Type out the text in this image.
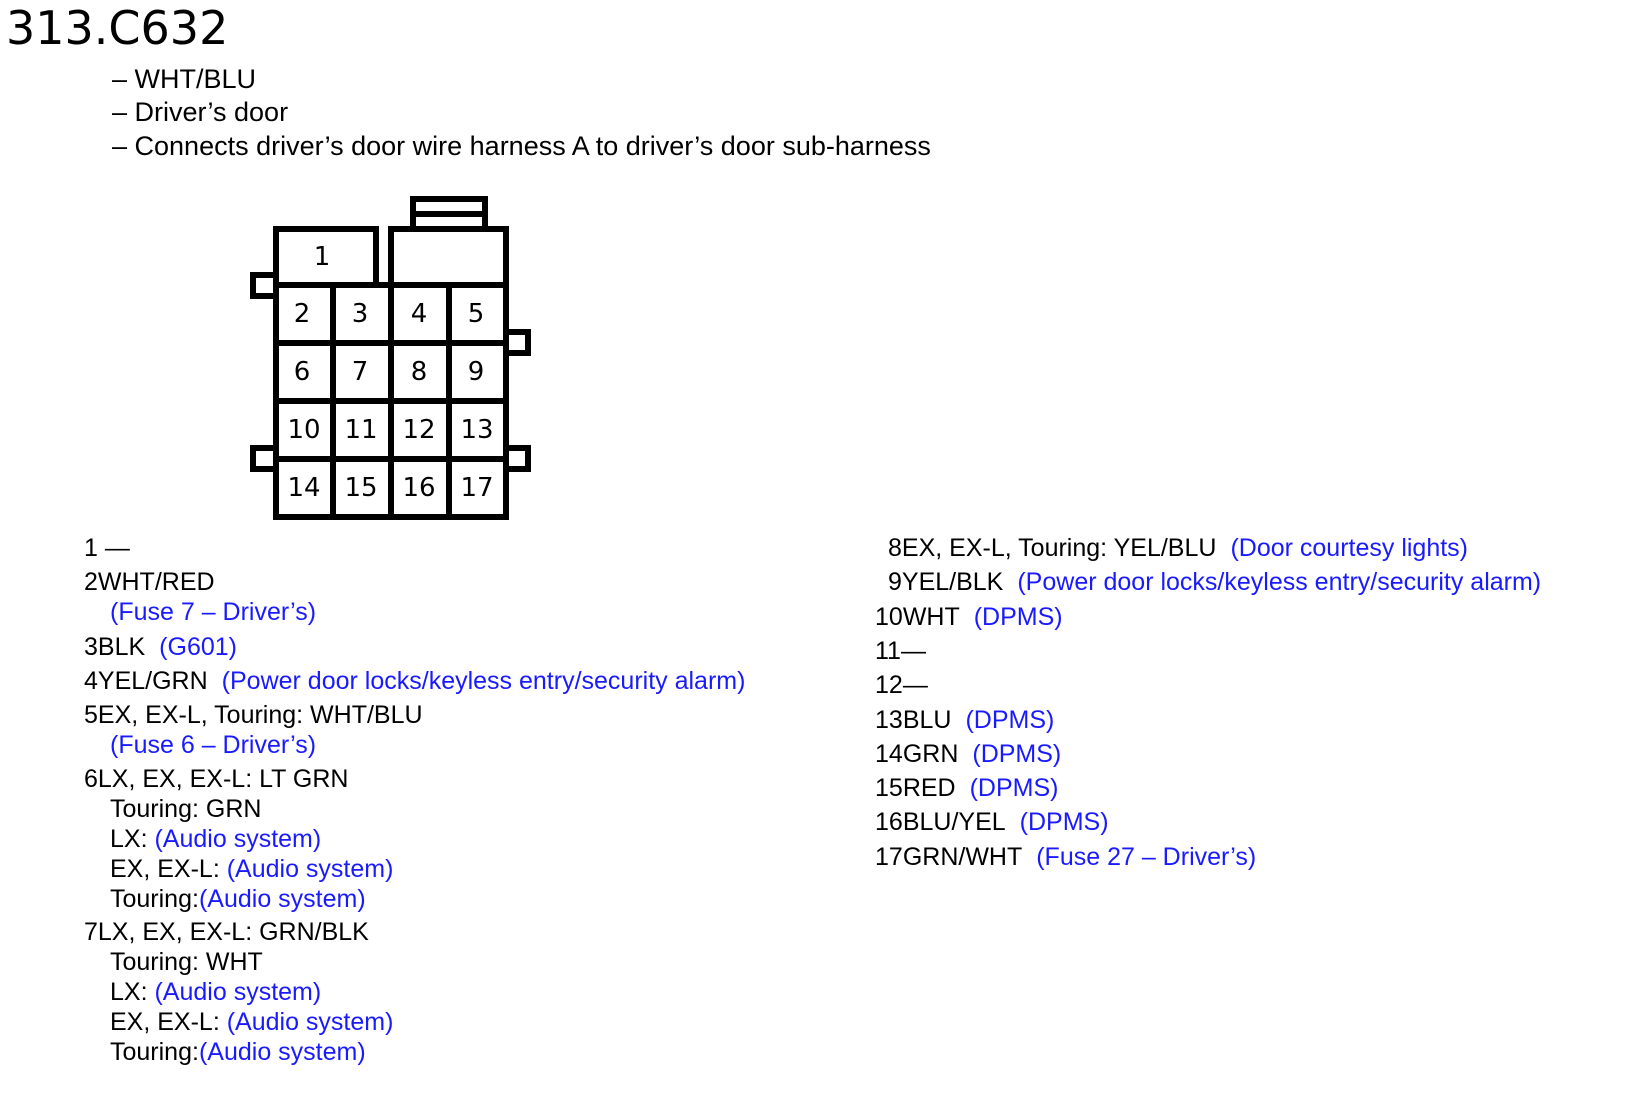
313.C632
– WHT/BLU
– Driver’s door
– Connects driver’s door wire harness A to driver’s door sub-harness
1
2 3 4 5
6 7 8 9
10 11 12 13
14 15 16 17
1 —
2WHT/RED
(Fuse 7 – Driver’s)
3BLK (G601)
4YEL/GRN (Power door locks/keyless entry/security alarm)
5EX, EX-L, Touring: WHT/BLU
(Fuse 6 – Driver’s)
6LX, EX, EX-L: LT GRN
Touring: GRN
LX: (Audio system)
EX, EX-L: (Audio system)
Touring:(Audio system)
7LX, EX, EX-L: GRN/BLK
Touring: WHT
LX: (Audio system)
EX, EX-L: (Audio system)
Touring:(Audio system)
8EX, EX-L, Touring: YEL/BLU (Door courtesy lights)
9YEL/BLK (Power door locks/keyless entry/security alarm)
10WHT (DPMS)
11—
12—
13BLU (DPMS)
14GRN (DPMS)
15RED (DPMS)
16BLU/YEL (DPMS)
17GRN/WHT (Fuse 27 – Driver’s)
